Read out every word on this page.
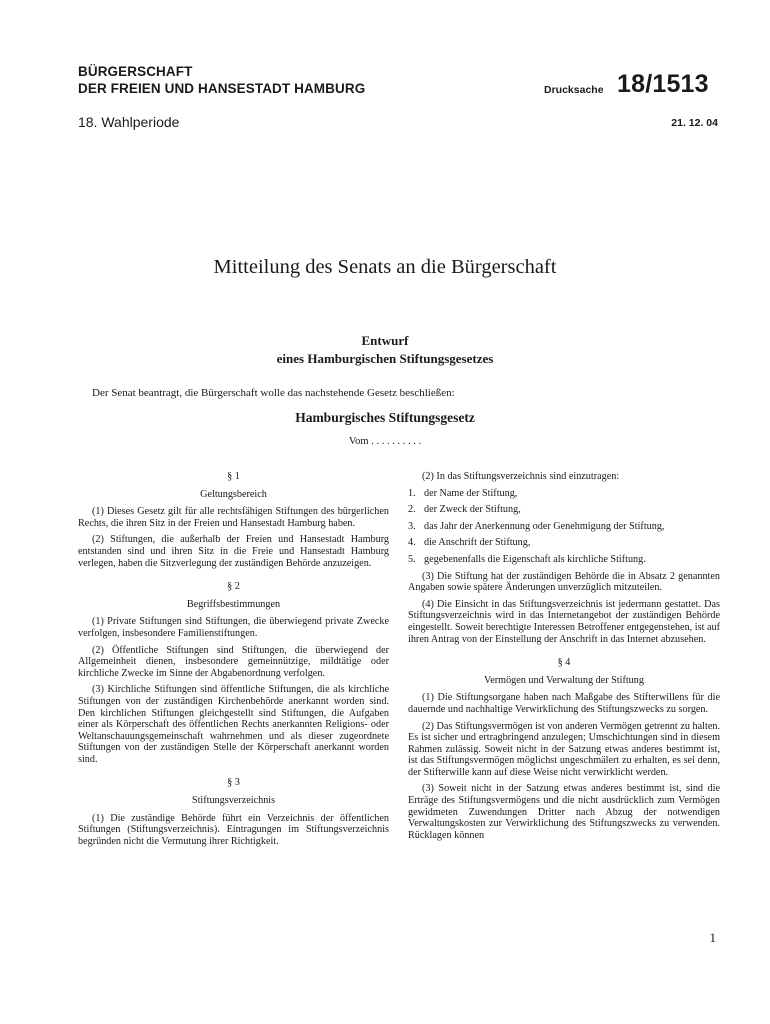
BÜRGERSCHAFT
DER FREIEN UND HANSESTADT HAMBURG	Drucksache 18/1513
18. Wahlperiode	21. 12. 04
Mitteilung des Senats an die Bürgerschaft
Entwurf
eines Hamburgischen Stiftungsgesetzes
Der Senat beantragt, die Bürgerschaft wolle das nachstehende Gesetz beschließen:
Hamburgisches Stiftungsgesetz
Vom . . . . . . . . . .

§ 1

Geltungsbereich

(1) Dieses Gesetz gilt für alle rechtsfähigen Stiftungen des bürgerlichen Rechts, die ihren Sitz in der Freien und Hansestadt Hamburg haben.

(2) Stiftungen, die außerhalb der Freien und Hansestadt Hamburg entstanden sind und ihren Sitz in die Freie und Hansestadt Hamburg verlegen, haben die Sitzverlegung der zuständigen Behörde anzuzeigen.

§ 2

Begriffsbestimmungen

(1) Private Stiftungen sind Stiftungen, die überwiegend private Zwecke verfolgen, insbesondere Familienstiftungen.

(2) Öffentliche Stiftungen sind Stiftungen, die überwiegend der Allgemeinheit dienen, insbesondere gemeinnützige, mildtätige oder kirchliche Zwecke im Sinne der Abgabenordnung verfolgen.

(3) Kirchliche Stiftungen sind öffentliche Stiftungen, die als kirchliche Stiftungen von der zuständigen Kirchenbehörde anerkannt worden sind. Den kirchlichen Stiftungen gleichgestellt sind Stiftungen, die Aufgaben einer als Körperschaft des öffentlichen Rechts anerkannten Religions- oder Weltanschauungsgemeinschaft wahrnehmen und als dieser zugeordnete Stiftungen von der zuständigen Stelle der Körperschaft anerkannt worden sind.

§ 3

Stiftungsverzeichnis

(1) Die zuständige Behörde führt ein Verzeichnis der öffentlichen Stiftungen (Stiftungsverzeichnis). Eintragungen im Stiftungsverzeichnis begründen nicht die Vermutung ihrer Richtigkeit.

(2) In das Stiftungsverzeichnis sind einzutragen:

1. der Name der Stiftung,
2. der Zweck der Stiftung,
3. das Jahr der Anerkennung oder Genehmigung der Stiftung,
4. die Anschrift der Stiftung,
5. gegebenenfalls die Eigenschaft als kirchliche Stiftung.

(3) Die Stiftung hat der zuständigen Behörde die in Absatz 2 genannten Angaben sowie spätere Änderungen unverzüglich mitzuteilen.

(4) Die Einsicht in das Stiftungsverzeichnis ist jedermann gestattet. Das Stiftungsverzeichnis wird in das Internetangebot der zuständigen Behörde eingestellt. Soweit berechtigte Interessen Betroffener entgegenstehen, ist auf ihren Antrag von der Einstellung der Anschrift in das Internet abzusehen.

§ 4

Vermögen und Verwaltung der Stiftung

(1) Die Stiftungsorgane haben nach Maßgabe des Stifterwillens für die dauernde und nachhaltige Verwirklichung des Stiftungszwecks zu sorgen.

(2) Das Stiftungsvermögen ist von anderen Vermögen getrennt zu halten. Es ist sicher und ertragbringend anzulegen; Umschichtungen sind in diesem Rahmen zulässig. Soweit nicht in der Satzung etwas anderes bestimmt ist, ist das Stiftungsvermögen möglichst ungeschmälert zu erhalten, es sei denn, der Stifterwille kann auf diese Weise nicht verwirklicht werden.

(3) Soweit nicht in der Satzung etwas anderes bestimmt ist, sind die Erträge des Stiftungsvermögens und die nicht ausdrücklich zum Vermögen gewidmeten Zuwendungen Dritter nach Abzug der notwendigen Verwaltungskosten zur Verwirklichung des Stiftungszwecks zu verwenden. Rücklagen können

1
